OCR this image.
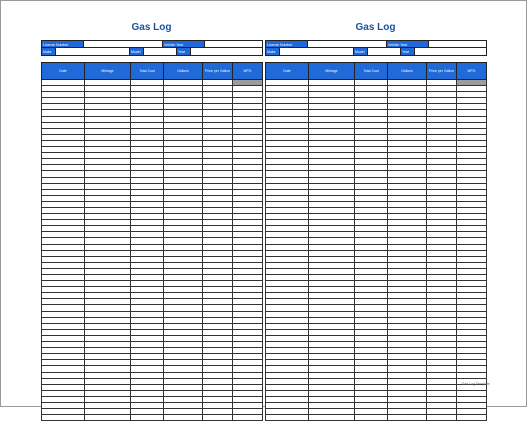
Gas Log
License Number		Vehicle Year	
Make		Model		Year	
Date	Mileage	Total Cost	Gallons	Price per Gallon	MPG

Gas Log
License Number		Vehicle Year	
Make		Model		Year	
Date	Mileage	Total Cost	Gallons	Price per Gallon	MPG

Gas Log Template
